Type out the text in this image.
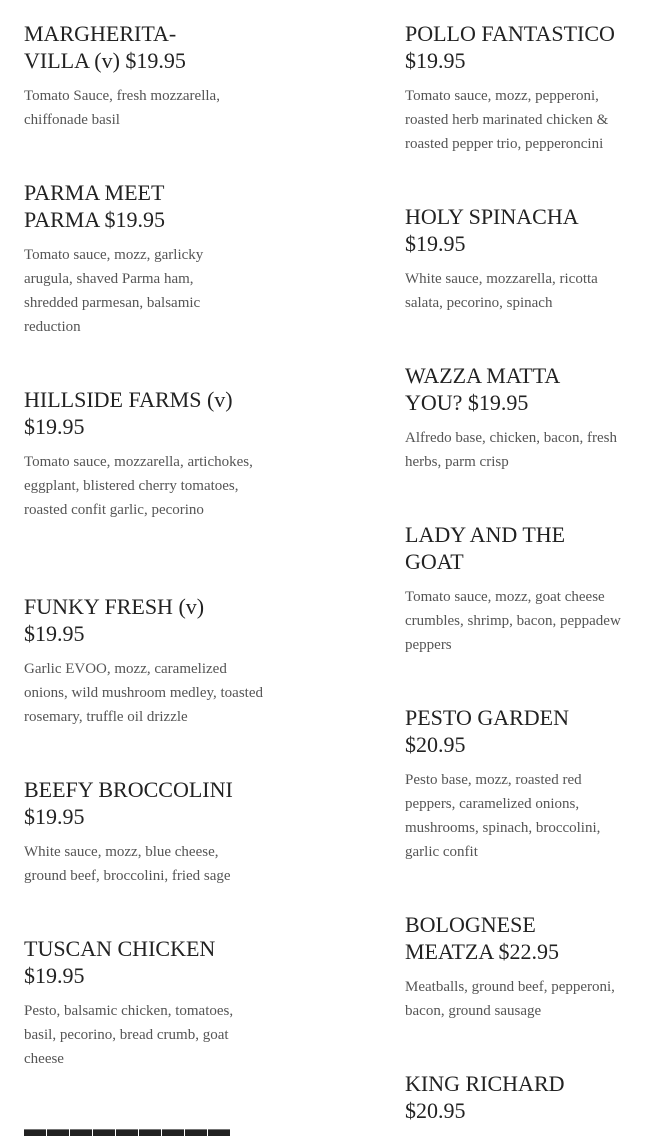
MARGHERITA-VILLA (v) $19.95

Tomato Sauce, fresh mozzarella, chiffonade basil

PARMA MEET PARMA $19.95

Tomato sauce, mozz, garlicky arugula, shaved Parma ham, shredded parmesan, balsamic reduction

HILLSIDE FARMS (v) $19.95

Tomato sauce, mozzarella, artichokes, eggplant, blistered cherry tomatoes, roasted confit garlic, pecorino

FUNKY FRESH (v) $19.95

Garlic EVOO, mozz, caramelized onions, wild mushroom medley, toasted rosemary, truffle oil drizzle

BEEFY BROCCOLINI $19.95

White sauce, mozz, blue cheese, ground beef, broccolini, fried sage

TUSCAN CHICKEN $19.95

Pesto, balsamic chicken, tomatoes, basil, pecorino, bread crumb, goat cheese

POLLO FANTASTICO $19.95

Tomato sauce, mozz, pepperoni, roasted herb marinated chicken & roasted pepper trio, pepperoncini

HOLY SPINACHA $19.95

White sauce, mozzarella, ricotta salata, pecorino, spinach

WAZZA MATTA YOU? $19.95

Alfredo base, chicken, bacon, fresh herbs, parm crisp

LADY AND THE GOAT

Tomato sauce, mozz, goat cheese crumbles, shrimp, bacon, peppadew peppers

PESTO GARDEN $20.95

Pesto base, mozz, roasted red peppers, caramelized onions, mushrooms, spinach, broccolini, garlic confit

BOLOGNESE MEATZA $22.95

Meatballs, ground beef, pepperoni, bacon, ground sausage

KING RICHARD $20.95
▬▬▬▬▬▬▬▬▬
